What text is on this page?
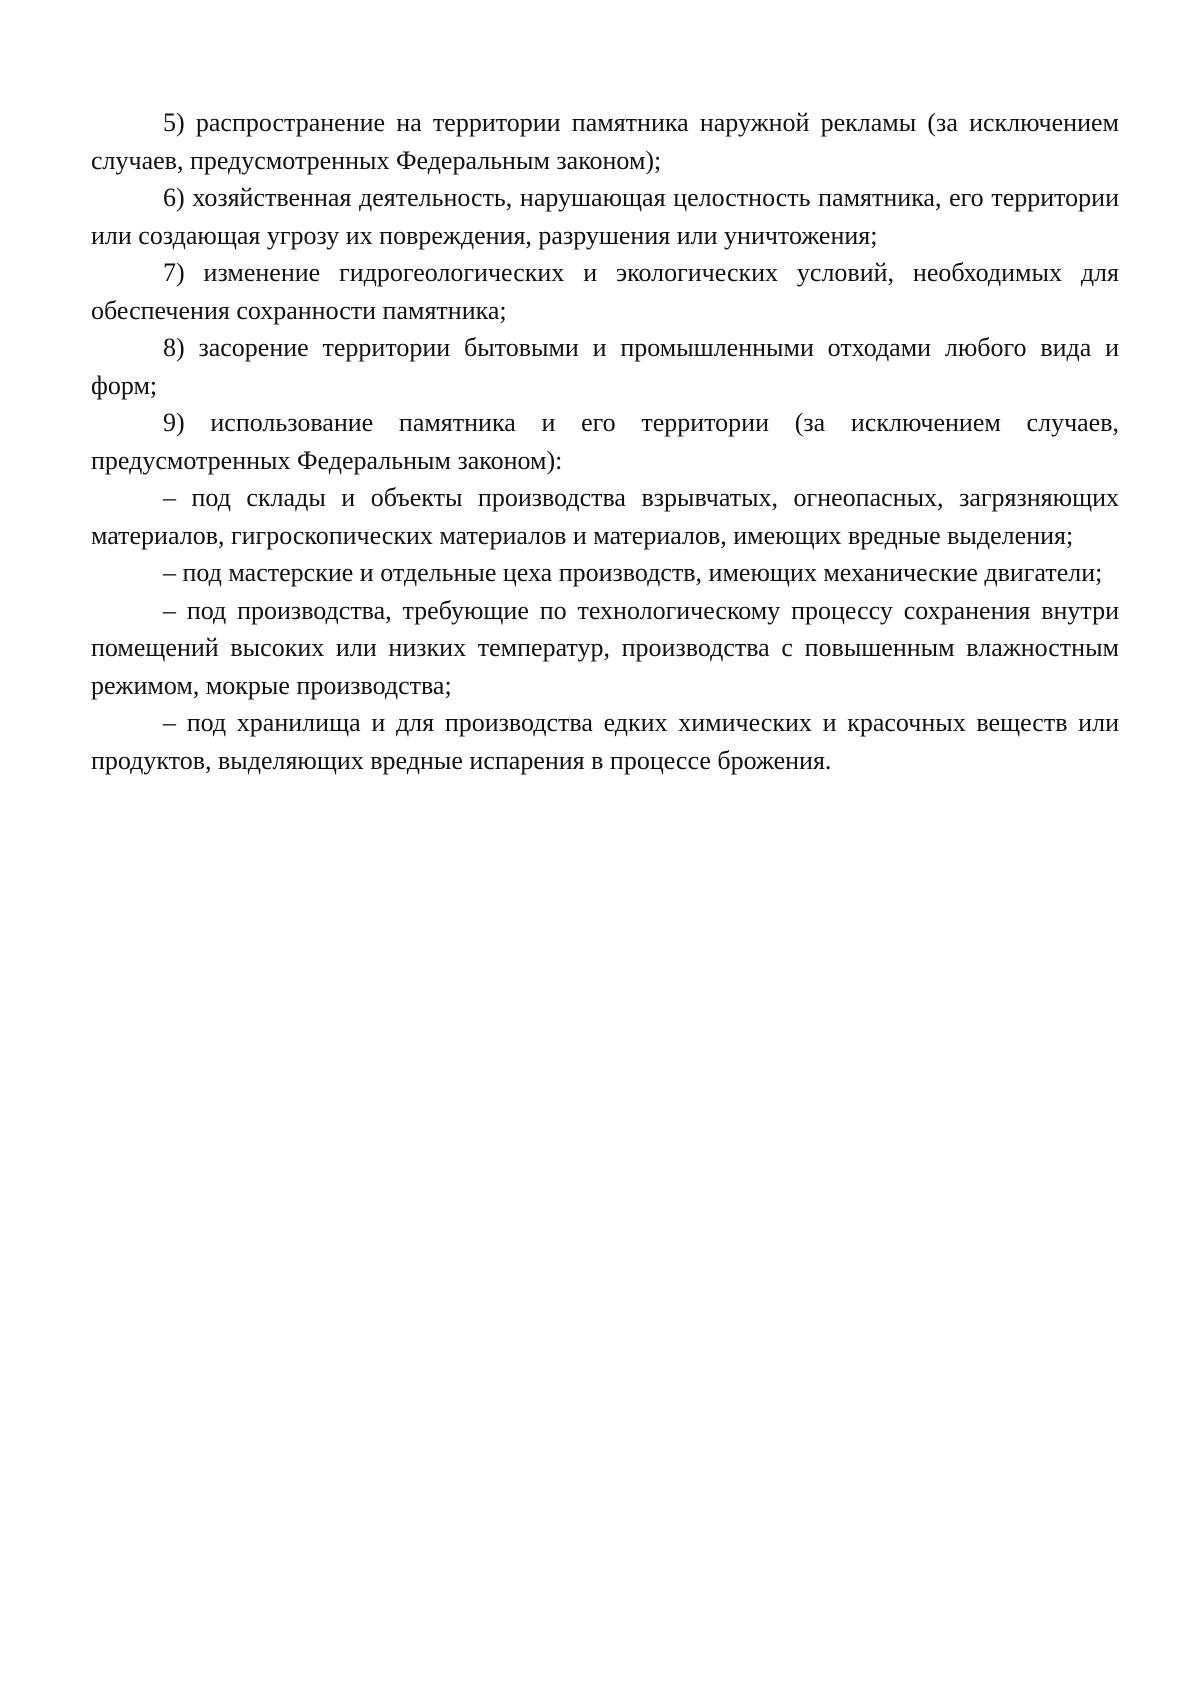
5) распространение на территории памятника наружной рекламы (за исключением случаев, предусмотренных Федеральным законом);

6) хозяйственная деятельность, нарушающая целостность памятника, его территории или создающая угрозу их повреждения, разрушения или уничтожения;

7) изменение гидрогеологических и экологических условий, необходимых для обеспечения сохранности памятника;

8) засорение территории бытовыми и промышленными отходами любого вида и форм;

9) использование памятника и его территории (за исключением случаев, предусмотренных Федеральным законом):

– под склады и объекты производства взрывчатых, огнеопасных, загрязняющих материалов, гигроскопических материалов и материалов, имеющих вредные выделения;

– под мастерские и отдельные цеха производств, имеющих механические двигатели;

– под производства, требующие по технологическому процессу сохранения внутри помещений высоких или низких температур, производства с повышенным влажностным режимом, мокрые производства;

– под хранилища и для производства едких химических и красочных веществ или продуктов, выделяющих вредные испарения в процессе брожения.
